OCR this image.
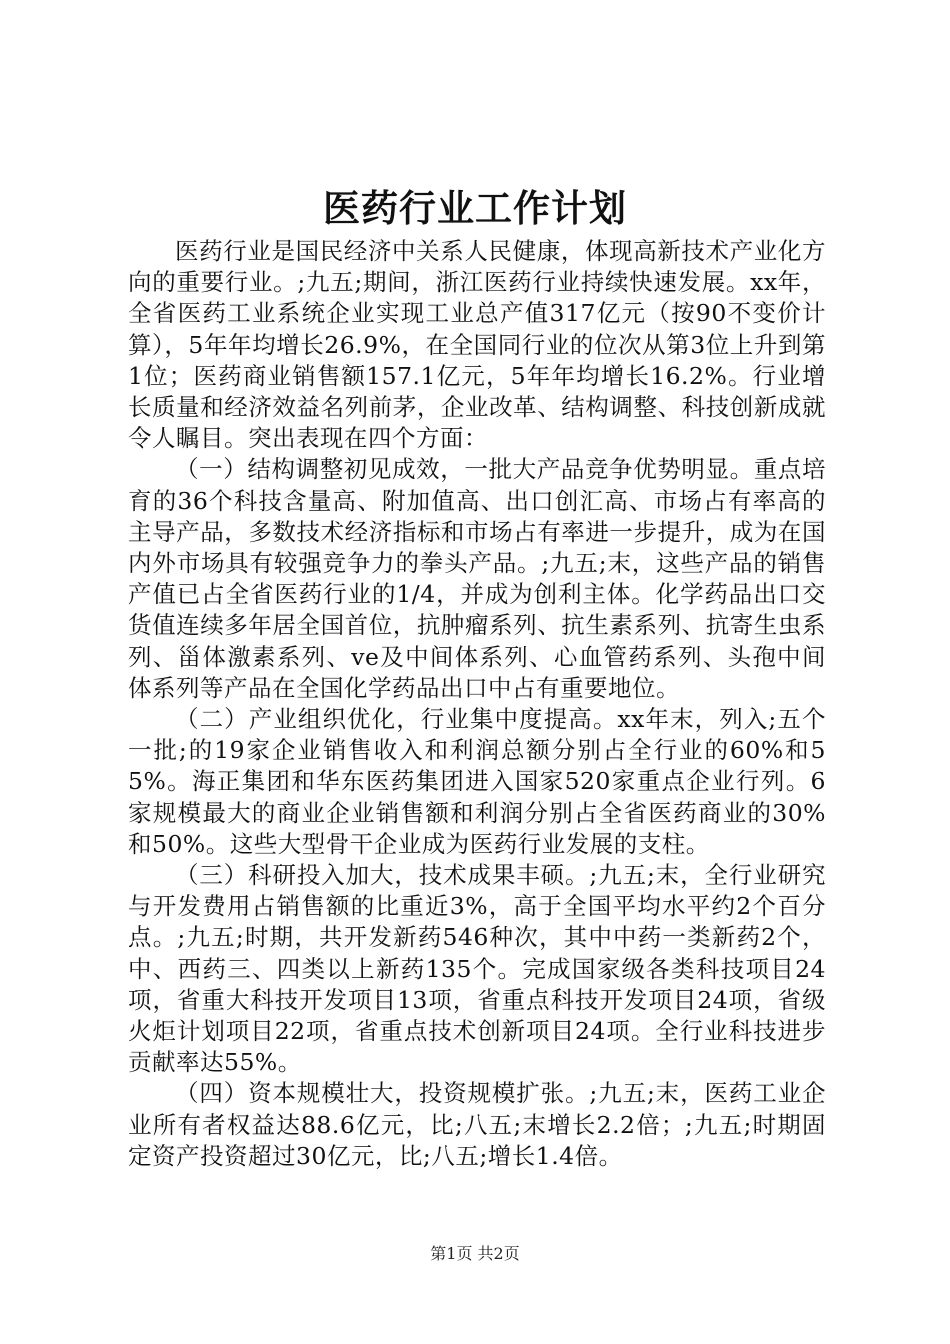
医药行业工作计划

医药行业是国民经济中关系人民健康，体现高新技术产业化方向的重要行业。;九五;期间，浙江医药行业持续快速发展。xx年，全省医药工业系统企业实现工业总产值317亿元（按90不变价计算），5年年均增长26.9%，在全国同行业的位次从第3位上升到第1位；医药商业销售额157.1亿元，5年年均增长16.2%。行业增长质量和经济效益名列前茅，企业改革、结构调整、科技创新成就令人瞩目。突出表现在四个方面：

（一）结构调整初见成效，一批大产品竞争优势明显。重点培育的36个科技含量高、附加值高、出口创汇高、市场占有率高的主导产品，多数技术经济指标和市场占有率进一步提升，成为在国内外市场具有较强竞争力的拳头产品。;九五;末，这些产品的销售产值已占全省医药行业的1/4，并成为创利主体。化学药品出口交货值连续多年居全国首位，抗肿瘤系列、抗生素系列、抗寄生虫系列、甾体激素系列、ve及中间体系列、心血管药系列、头孢中间体系列等产品在全国化学药品出口中占有重要地位。

（二）产业组织优化，行业集中度提高。xx年末，列入;五个一批;的19家企业销售收入和利润总额分别占全行业的60%和55%。海正集团和华东医药集团进入国家520家重点企业行列。6家规模最大的商业企业销售额和利润分别占全省医药商业的30%和50%。这些大型骨干企业成为医药行业发展的支柱。

（三）科研投入加大，技术成果丰硕。;九五;末，全行业研究与开发费用占销售额的比重近3%，高于全国平均水平约2个百分点。;九五;时期，共开发新药546种次，其中中药一类新药2个，中、西药三、四类以上新药135个。完成国家级各类科技项目24项，省重大科技开发项目13项，省重点科技开发项目24项，省级火炬计划项目22项，省重点技术创新项目24项。全行业科技进步贡献率达55%。

（四）资本规模壮大，投资规模扩张。;九五;末，医药工业企业所有者权益达88.6亿元，比;八五;末增长2.2倍；;九五;时期固定资产投资超过30亿元，比;八五;增长1.4倍。

第1页 共2页
